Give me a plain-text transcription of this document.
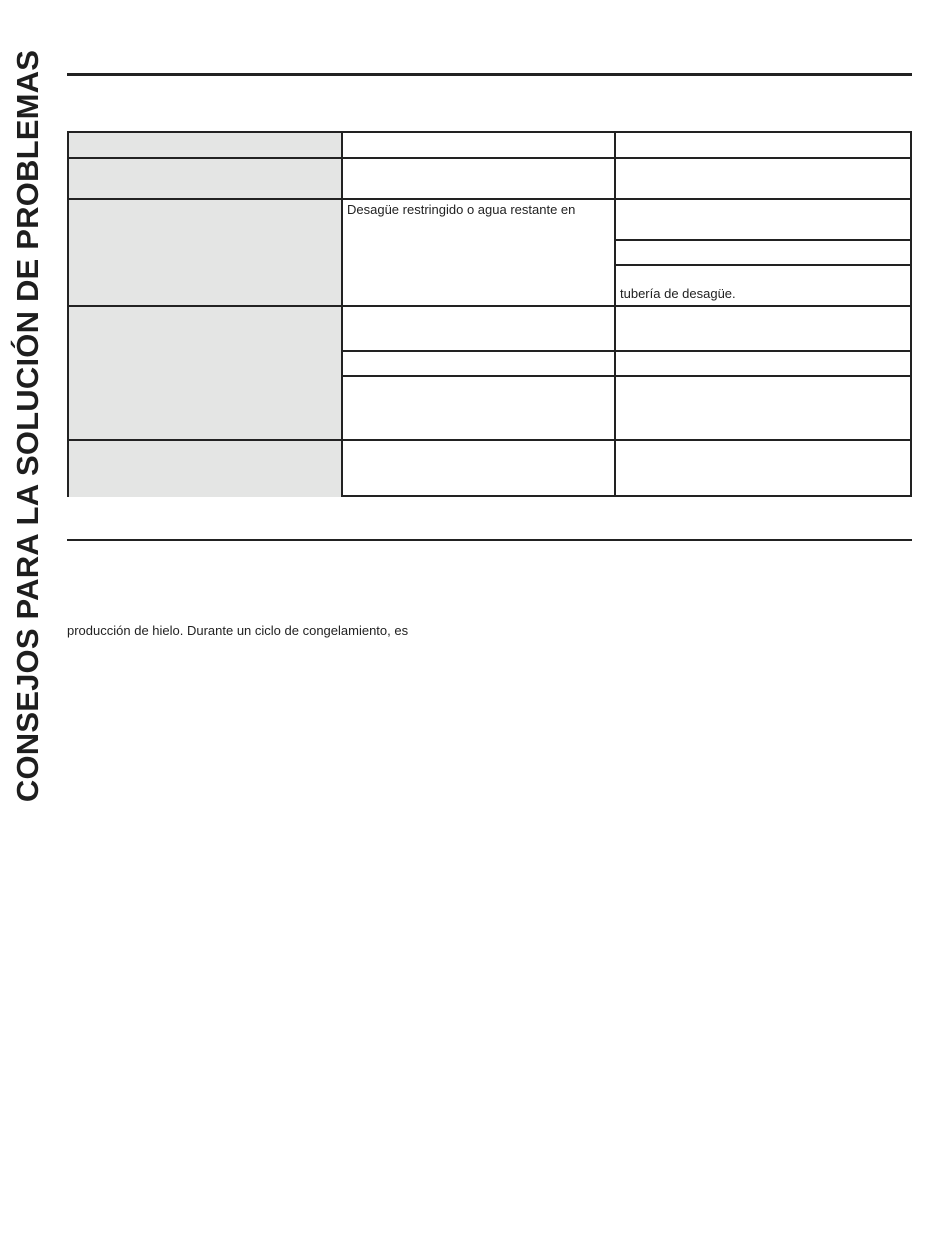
CONSEJOS PARA LA SOLUCIÓN DE PROBLEMAS	Desagüe restringido o agua restante en
tubería de desagüe.
producción de hielo. Durante un ciclo de congelamiento, es
